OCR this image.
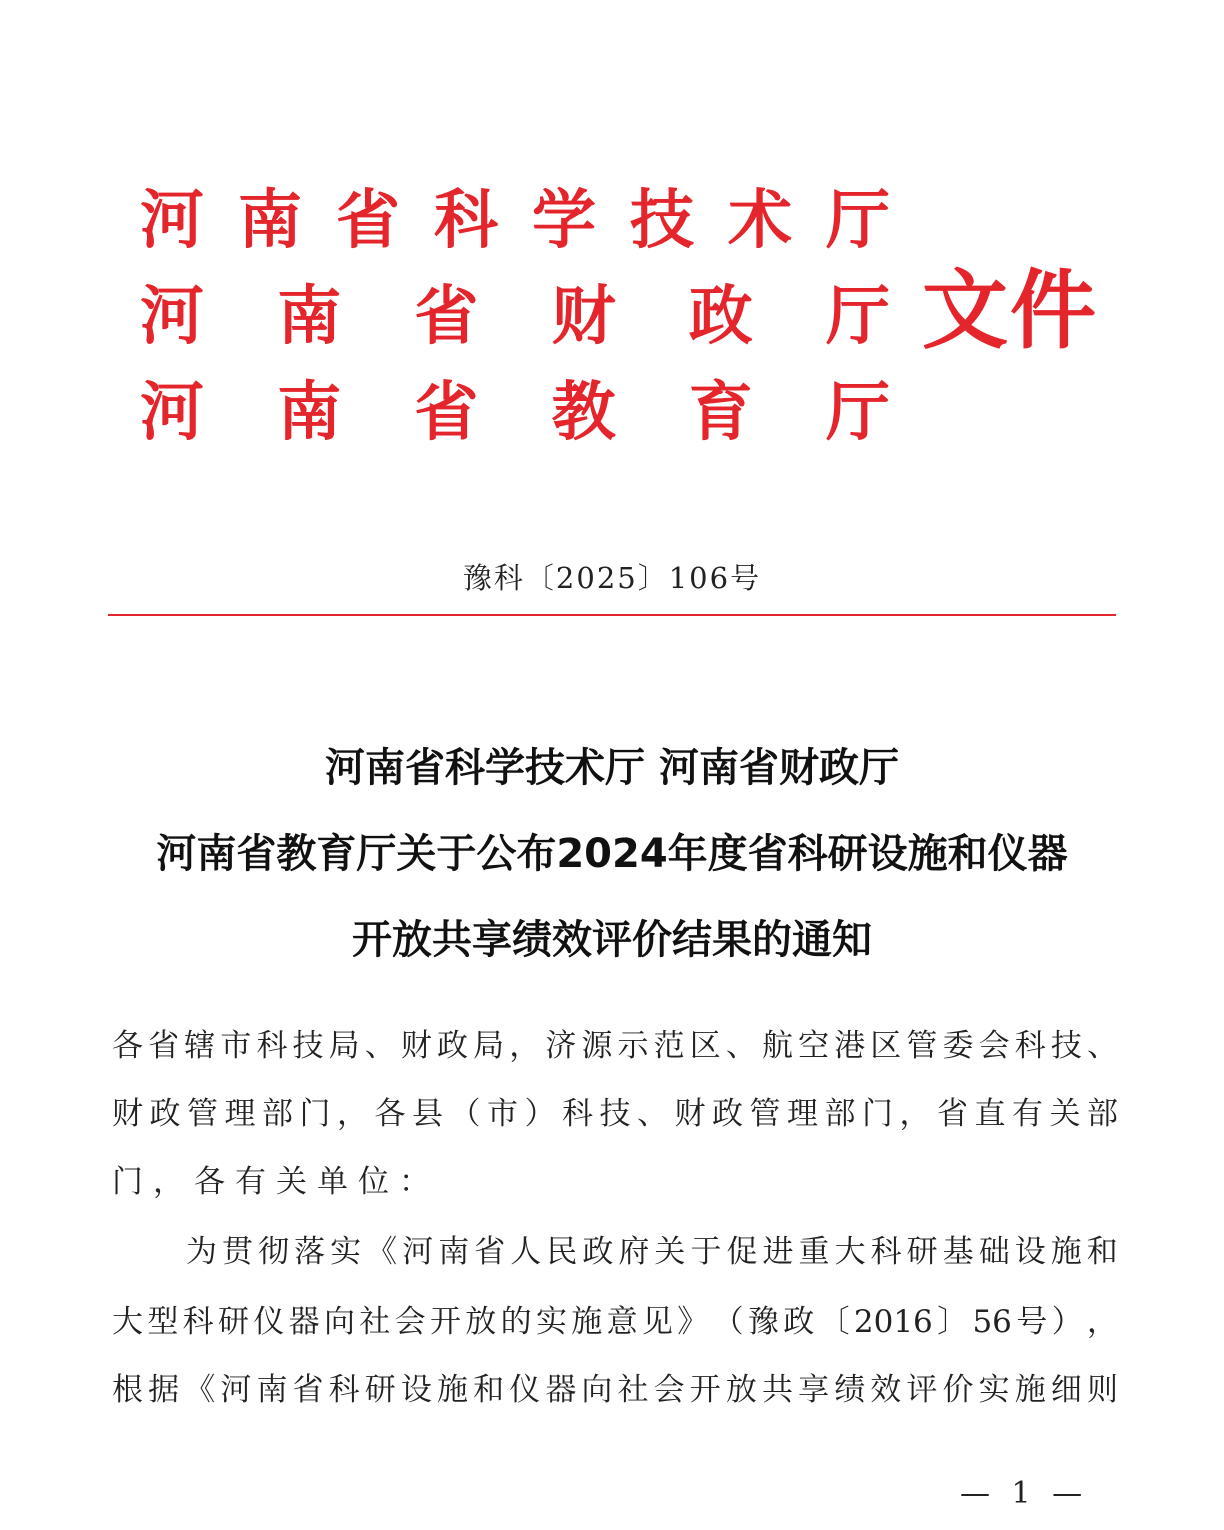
河 南 省 科 学 技 术 厅
河 南 省 财 政 厅
河 南 省 教 育 厅
文件
豫科〔2025〕106号
河南省科学技术厅 河南省财政厅
河南省教育厅关于公布2024年度省科研设施和仪器
开放共享绩效评价结果的通知
各 省 辖 市 科 技 局 、 财 政 局 ， 济 源 示 范 区 、 航 空 港 区 管 委 会 科 技 、
财 政 管 理 部 门 ， 各 县 （ 市 ） 科 技 、 财 政 管 理 部 门 ， 省 直 有 关 部
门，各有关单位：
为 贯 彻 落 实 《 河 南 省 人 民 政 府 关 于 促 进 重 大 科 研 基 础 设 施 和
大 型 科 研 仪 器 向 社 会 开 放 的 实 施 意 见 》 （ 豫 政 〔 2016 〕 56 号 ） ，
根 据 《 河 南 省 科 研 设 施 和 仪 器 向 社 会 开 放 共 享 绩 效 评 价 实 施 细 则
— 1 —
